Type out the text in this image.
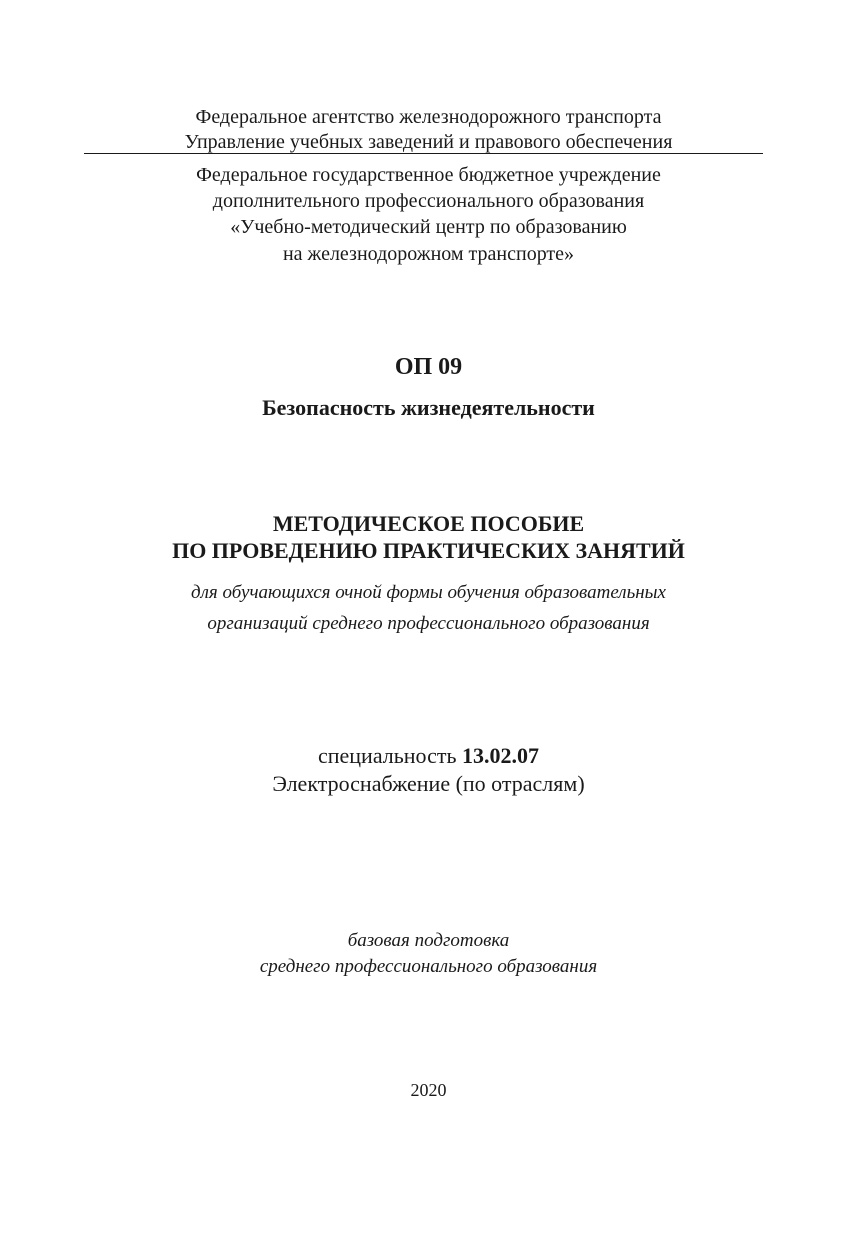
Федеральное агентство железнодорожного транспорта
Управление учебных заведений и правового обеспечения
Федеральное государственное бюджетное учреждение
дополнительного профессионального образования
«Учебно-методический центр по образованию
на железнодорожном транспорте»
ОП 09
Безопасность жизнедеятельности
МЕТОДИЧЕСКОЕ ПОСОБИЕ
ПО ПРОВЕДЕНИЮ ПРАКТИЧЕСКИХ ЗАНЯТИЙ
для обучающихся очной формы обучения образовательных
организаций среднего профессионального образования
специальность 13.02.07
Электроснабжение (по отраслям)
базовая подготовка
среднего профессионального образования
2020
